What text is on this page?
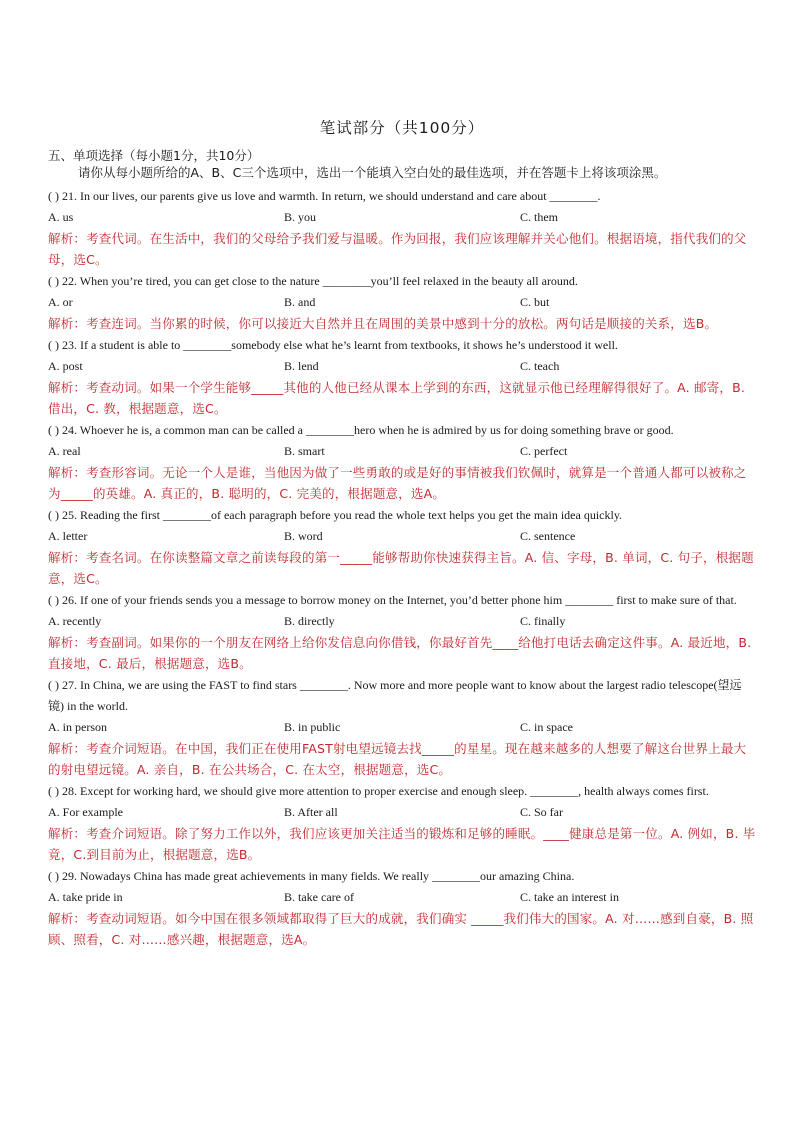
笔试部分（共100分）
五、单项选择（每小题1分，共10分）
请你从每小题所给的A、B、C三个选项中，选出一个能填入空白处的最佳选项，并在答题卡上将该项涂黑。

( ) 21. In our lives, our parents give us love and warmth. In return, we should understand and care about ________.

A. us	B. you	C. them

解析：考查代词。在生活中，我们的父母给予我们爱与温暖。作为回报，我们应该理解并关心他们。根据语境，指代我们的父母，选C。

( ) 22. When you’re tired, you can get close to the nature ________you’ll feel relaxed in the beauty all around.

A. or	B. and	C. but

解析：考查连词。当你累的时候，你可以接近大自然并且在周围的美景中感到十分的放松。两句话是顺接的关系，选B。

( ) 23. If a student is able to ________somebody else what he’s learnt from textbooks, it shows he’s understood it well.

A. post	B. lend	C. teach

解析：考查动词。如果一个学生能够_____其他的人他已经从课本上学到的东西，这就显示他已经理解得很好了。A. 邮寄，B. 借出，C. 教，根据题意，选C。

( ) 24. Whoever he is, a common man can be called a ________hero when he is admired by us for doing something brave or good.

A. real	B. smart	C. perfect

解析：考查形容词。无论一个人是谁，当他因为做了一些勇敢的或是好的事情被我们钦佩时，就算是一个普通人都可以被称之为_____的英雄。A. 真正的，B. 聪明的，C. 完美的，根据题意，选A。

( ) 25. Reading the first ________of each paragraph before you read the whole text helps you get the main idea quickly.

A. letter	B. word	C. sentence

解析：考查名词。在你读整篇文章之前读每段的第一_____能够帮助你快速获得主旨。A. 信、字母，B. 单词，C. 句子，根据题意，选C。

( ) 26. If one of your friends sends you a message to borrow money on the Internet, you’d better phone him ________ first to make sure of that.

A. recently	B. directly	C. finally

解析：考查副词。如果你的一个朋友在网络上给你发信息向你借钱，你最好首先____给他打电话去确定这件事。A. 最近地，B. 直接地，C. 最后，根据题意，选B。

( ) 27. In China, we are using the FAST to find stars ________. Now more and more people want to know about the largest radio telescope(望远镜) in the world.

A. in person	B. in public	C. in space

解析：考查介词短语。在中国，我们正在使用FAST射电望远镜去找_____的星星。现在越来越多的人想要了解这台世界上最大的射电望远镜。A. 亲自，B. 在公共场合，C. 在太空，根据题意，选C。

( ) 28. Except for working hard, we should give more attention to proper exercise and enough sleep. ________, health always comes first.

A. For example	B. After all	C. So far

解析：考查介词短语。除了努力工作以外，我们应该更加关注适当的锻炼和足够的睡眠。____健康总是第一位。A. 例如，B. 毕竟，C.到目前为止，根据题意，选B。

( ) 29. Nowadays China has made great achievements in many fields. We really ________our amazing China.

A. take pride in	B. take care of	C. take an interest in

解析：考查动词短语。如今中国在很多领域都取得了巨大的成就，我们确实 _____我们伟大的国家。A. 对……感到自豪，B. 照顾、照看，C. 对……感兴趣，根据题意，选A。
